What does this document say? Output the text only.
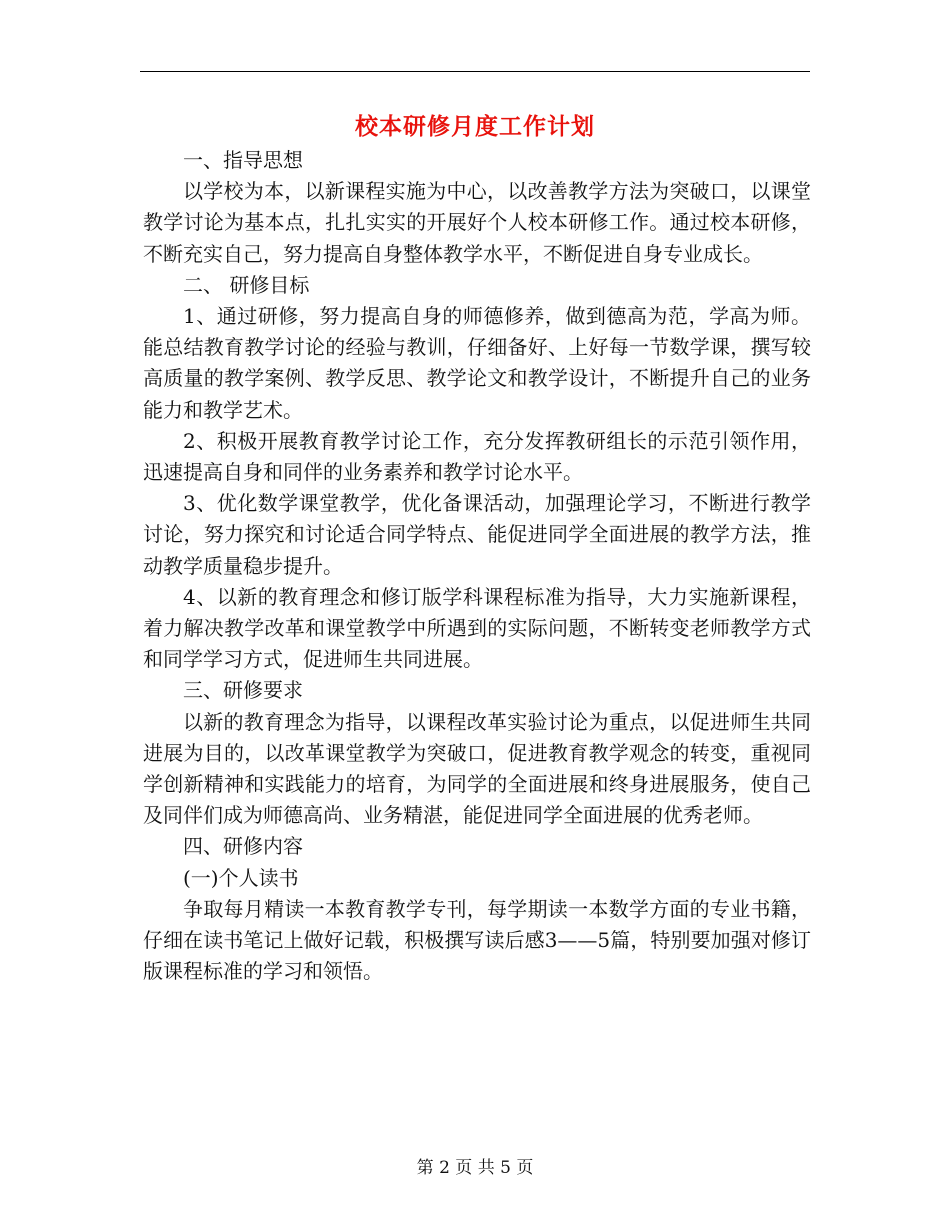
校本研修月度工作计划

一、指导思想

以学校为本，以新课程实施为中心，以改善教学方法为突破口，以课堂教学讨论为基本点，扎扎实实的开展好个人校本研修工作。通过校本研修，不断充实自己，努力提高自身整体教学水平，不断促进自身专业成长。

二、 研修目标

1、通过研修，努力提高自身的师德修养，做到德高为范，学高为师。能总结教育教学讨论的经验与教训，仔细备好、上好每一节数学课，撰写较高质量的教学案例、教学反思、教学论文和教学设计，不断提升自己的业务能力和教学艺术。

2、积极开展教育教学讨论工作，充分发挥教研组长的示范引领作用，迅速提高自身和同伴的业务素养和教学讨论水平。

3、优化数学课堂教学，优化备课活动，加强理论学习，不断进行教学讨论，努力探究和讨论适合同学特点、能促进同学全面进展的教学方法，推动教学质量稳步提升。

4、以新的教育理念和修订版学科课程标准为指导，大力实施新课程，着力解决教学改革和课堂教学中所遇到的实际问题，不断转变老师教学方式和同学学习方式，促进师生共同进展。

三、研修要求

以新的教育理念为指导，以课程改革实验讨论为重点，以促进师生共同进展为目的，以改革课堂教学为突破口，促进教育教学观念的转变，重视同学创新精神和实践能力的培育，为同学的全面进展和终身进展服务，使自己及同伴们成为师德高尚、业务精湛，能促进同学全面进展的优秀老师。

四、研修内容

(一)个人读书

争取每月精读一本教育教学专刊，每学期读一本数学方面的专业书籍，仔细在读书笔记上做好记载，积极撰写读后感3——5篇，特别要加强对修订版课程标准的学习和领悟。

第 2 页 共 5 页
